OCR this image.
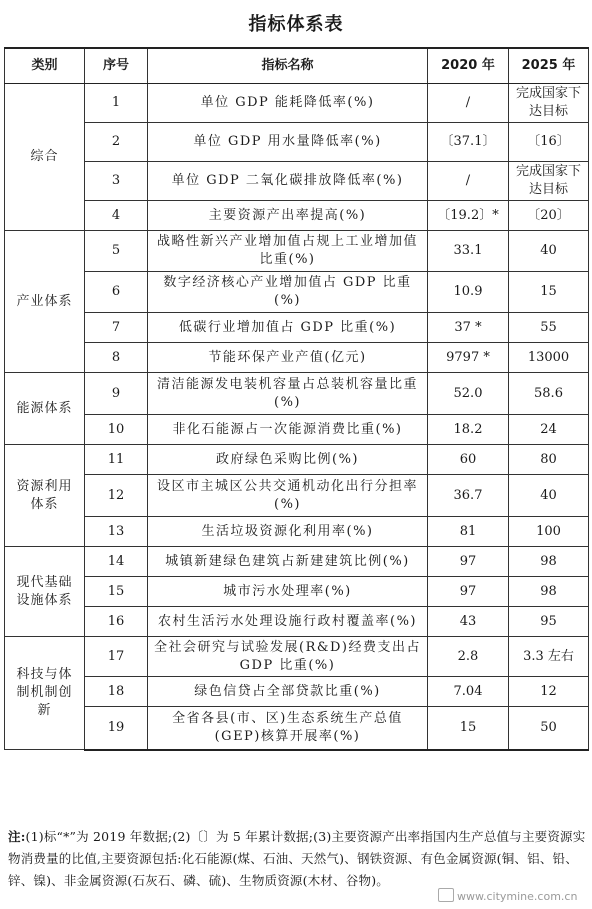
指标体系表
类别	序号	指标名称	2020 年	2025 年
综合	1	单位 GDP 能耗降低率(%)	/	完成国家下达目标
	2	单位 GDP 用水量降低率(%)	〔37.1〕	〔16〕
	3	单位 GDP 二氧化碳排放降低率(%)	/	完成国家下达目标
	4	主要资源产出率提高(%)	〔19.2〕*	〔20〕
产业体系	5	战略性新兴产业增加值占规上工业增加值比重(%)	33.1	40
	6	数字经济核心产业增加值占 GDP 比重(%)	10.9	15
	7	低碳行业增加值占 GDP 比重(%)	37 *	55
	8	节能环保产业产值(亿元)	9797 *	13000
能源体系	9	清洁能源发电装机容量占总装机容量比重(%)	52.0	58.6
	10	非化石能源占一次能源消费比重(%)	18.2	24
资源利用体系	11	政府绿色采购比例(%)	60	80
	12	设区市主城区公共交通机动化出行分担率(%)	36.7	40
	13	生活垃圾资源化利用率(%)	81	100
现代基础设施体系	14	城镇新建绿色建筑占新建建筑比例(%)	97	98
	15	城市污水处理率(%)	97	98
	16	农村生活污水处理设施行政村覆盖率(%)	43	95
科技与体制机制创新	17	全社会研究与试验发展(R&D)经费支出占 GDP 比重(%)	2.8	3.3 左右
	18	绿色信贷占全部贷款比重(%)	7.04	12
	19	全省各县(市、区)生态系统生产总值(GEP)核算开展率(%)	15	50
注:(1)标“*”为 2019 年数据;(2)〔〕为 5 年累计数据;(3)主要资源产出率指国内生产总值与主要资源实物消费量的比值,主要资源包括:化石能源(煤、石油、天然气)、钢铁资源、有色金属资源(铜、铝、铅、锌、镍)、非金属资源(石灰石、磷、硫)、生物质资源(木材、谷物)。
www.citymine.com.cn
